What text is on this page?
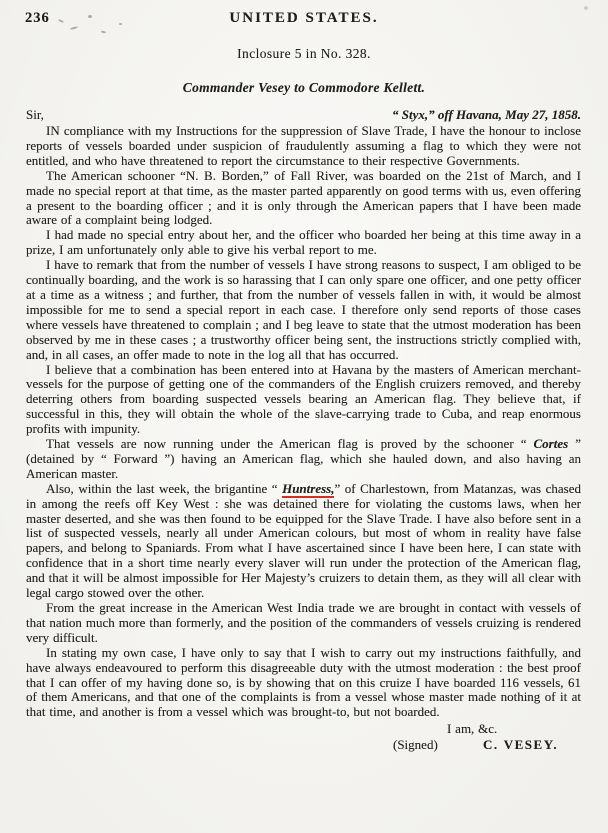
236	UNITED STATES.
Inclosure 5 in No. 328.
Commander Vesey to Commodore Kellett.
Sir,	“ Styx,” off Havana, May 27, 1858.

IN compliance with my Instructions for the suppression of Slave Trade, I have the honour to inclose reports of vessels boarded under suspicion of fraudulently assuming a flag to which they were not entitled, and who have threatened to report the circumstance to their respective Governments.

The American schooner “N. B. Borden,” of Fall River, was boarded on the 21st of March, and I made no special report at that time, as the master parted apparently on good terms with us, even offering a present to the boarding officer ; and it is only through the American papers that I have been made aware of a complaint being lodged.

I had made no special entry about her, and the officer who boarded her being at this time away in a prize, I am unfortunately only able to give his verbal report to me.

I have to remark that from the number of vessels I have strong reasons to suspect, I am obliged to be continually boarding, and the work is so harassing that I can only spare one officer, and one petty officer at a time as a witness ; and further, that from the number of vessels fallen in with, it would be almost impossible for me to send a special report in each case. I therefore only send reports of those cases where vessels have threatened to complain ; and I beg leave to state that the utmost moderation has been observed by me in these cases ; a trustworthy officer being sent, the instructions strictly complied with, and, in all cases, an offer made to note in the log all that has occurred.

I believe that a combination has been entered into at Havana by the masters of American merchant-vessels for the purpose of getting one of the commanders of the English cruizers removed, and thereby deterring others from boarding suspected vessels bearing an American flag. They believe that, if successful in this, they will obtain the whole of the slave-carrying trade to Cuba, and reap enormous profits with impunity.

That vessels are now running under the American flag is proved by the schooner “ Cortes ” (detained by “ Forward ”) having an American flag, which she hauled down, and also having an American master.

Also, within the last week, the brigantine “ Huntress,” of Charlestown, from Matanzas, was chased in among the reefs off Key West : she was detained there for violating the customs laws, when her master deserted, and she was then found to be equipped for the Slave Trade. I have also before sent in a list of suspected vessels, nearly all under American colours, but most of whom in reality have false papers, and belong to Spaniards. From what I have ascertained since I have been here, I can state with confidence that in a short time nearly every slaver will run under the protection of the American flag, and that it will be almost impossible for Her Majesty’s cruizers to detain them, as they will all clear with legal cargo stowed over the other.

From the great increase in the American West India trade we are brought in contact with vessels of that nation much more than formerly, and the position of the commanders of vessels cruizing is rendered very difficult.

In stating my own case, I have only to say that I wish to carry out my instructions faithfully, and have always endeavoured to perform this disagreeable duty with the utmost moderation : the best proof that I can offer of my having done so, is by showing that on this cruize I have boarded 116 vessels, 61 of them Americans, and that one of the complaints is from a vessel whose master made nothing of it at that time, and another is from a vessel which was brought-to, but not boarded.

I am, &c.

(Signed)	C. VESEY.
